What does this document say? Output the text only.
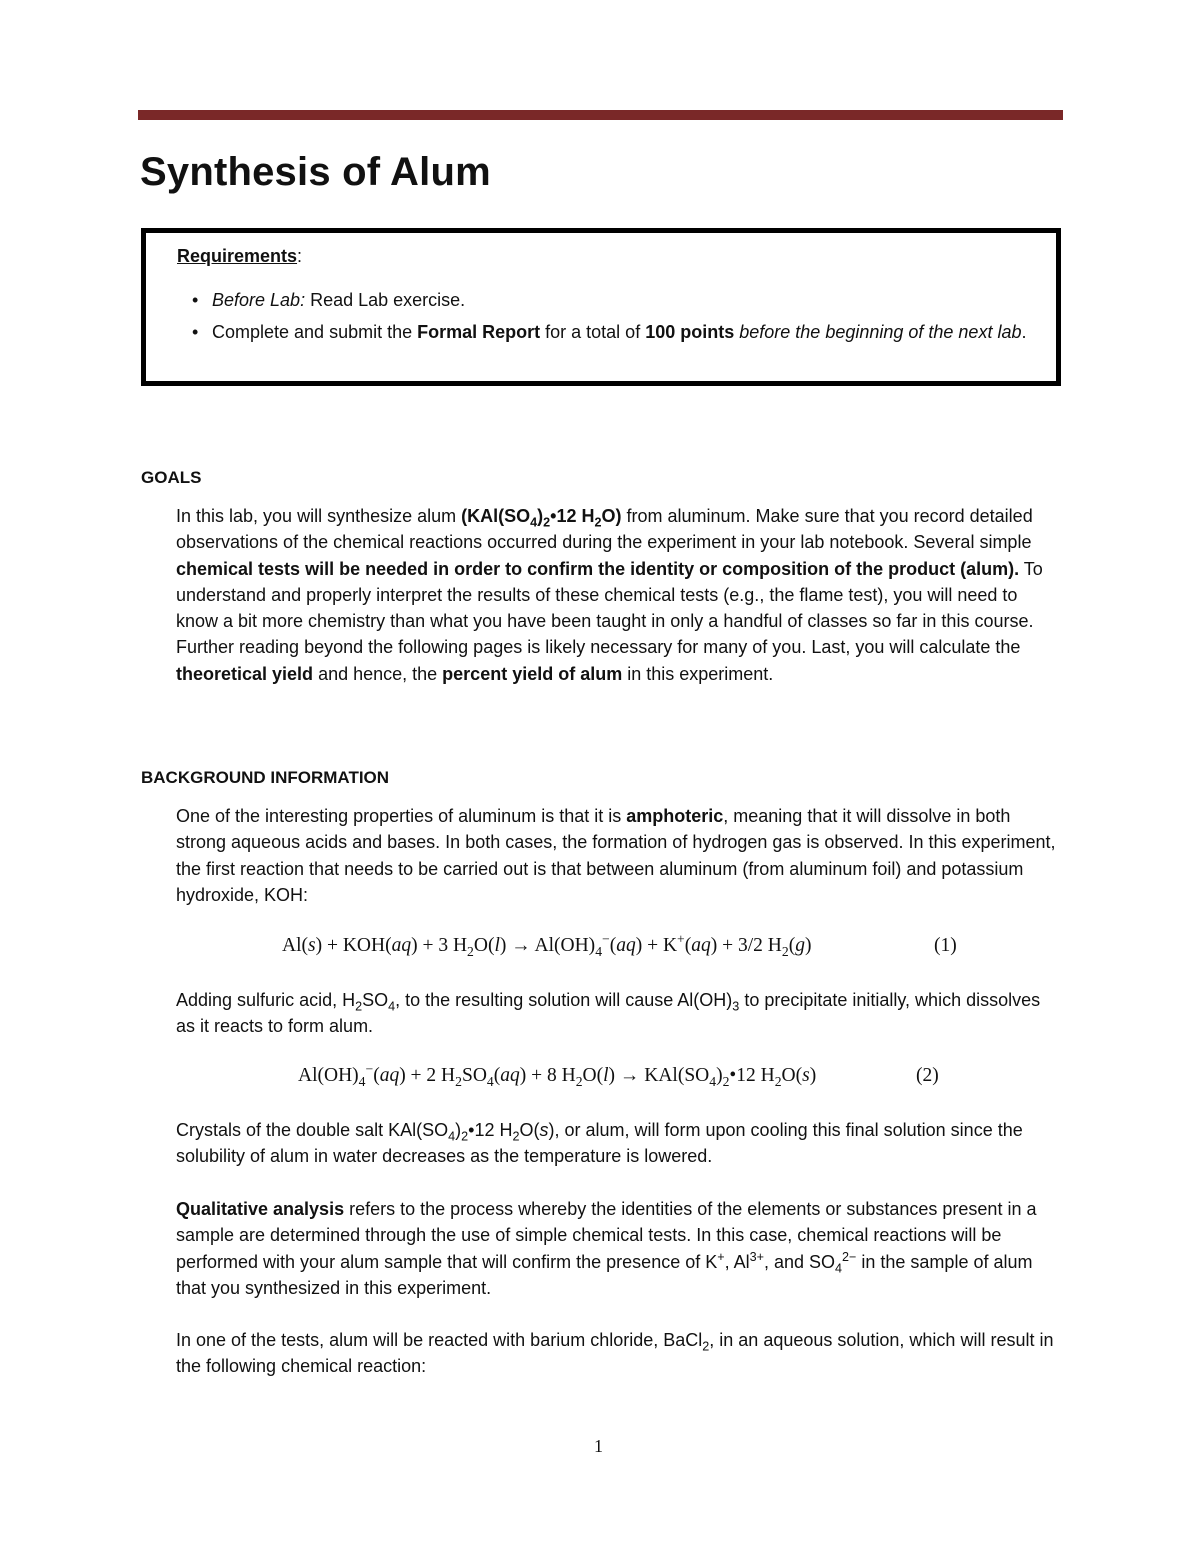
Synthesis of Alum
Requirements:
• Before Lab: Read Lab exercise.
• Complete and submit the Formal Report for a total of 100 points before the beginning of the next lab.
GOALS

In this lab, you will synthesize alum ($KAl(SO_4)_2•12$ $H_2O$) from aluminum. Make sure that you record detailed observations of the chemical reactions occurred during the experiment in your lab notebook. Several simple chemical tests will be needed in order to confirm the identity or composition of the product (alum). To understand and properly interpret the results of these chemical tests (e.g., the flame test), you will need to know a bit more chemistry than what you have been taught in only a handful of classes so far in this course. Further reading beyond the following pages is likely necessary for many of you. Last, you will calculate the theoretical yield and hence, the percent yield of alum in this experiment.

BACKGROUND INFORMATION

One of the interesting properties of aluminum is that it is amphoteric, meaning that it will dissolve in both strong aqueous acids and bases. In both cases, the formation of hydrogen gas is observed. In this experiment, the first reaction that needs to be carried out is that between aluminum (from aluminum foil) and potassium hydroxide, KOH:

Al(s) + KOH(aq) + 3 $H_2O(l) \to Al(OH)_4^-(aq) + K^+(aq) + 3/2$ $H_2(g)$	(1)

Adding sulfuric acid, $H_2SO_4$, to the resulting solution will cause $Al(OH)_3$ to precipitate initially, which dissolves as it reacts to form alum.

$Al(OH)_4^-(aq) + 2$ $H_2SO_4(aq) + 8$ $H_2O(l)$ → $KAl(SO_4)_2•12$ $H_2O(s)$	(2)

Crystals of the double salt $KAl(SO_4)_2•12$ $H_2O(s)$, or alum, will form upon cooling this final solution since the solubility of alum in water decreases as the temperature is lowered.

Qualitative analysis refers to the process whereby the identities of the elements or substances present in a sample are determined through the use of simple chemical tests. In this case, chemical reactions will be performed with your alum sample that will confirm the presence of K+, $Al^{3+}$, and $SO_4^{2-}$ in the sample of alum that you synthesized in this experiment.

In one of the tests, alum will be reacted with barium chloride, BaCl$_2$, in an aqueous solution, which will result in the following chemical reaction:

1
